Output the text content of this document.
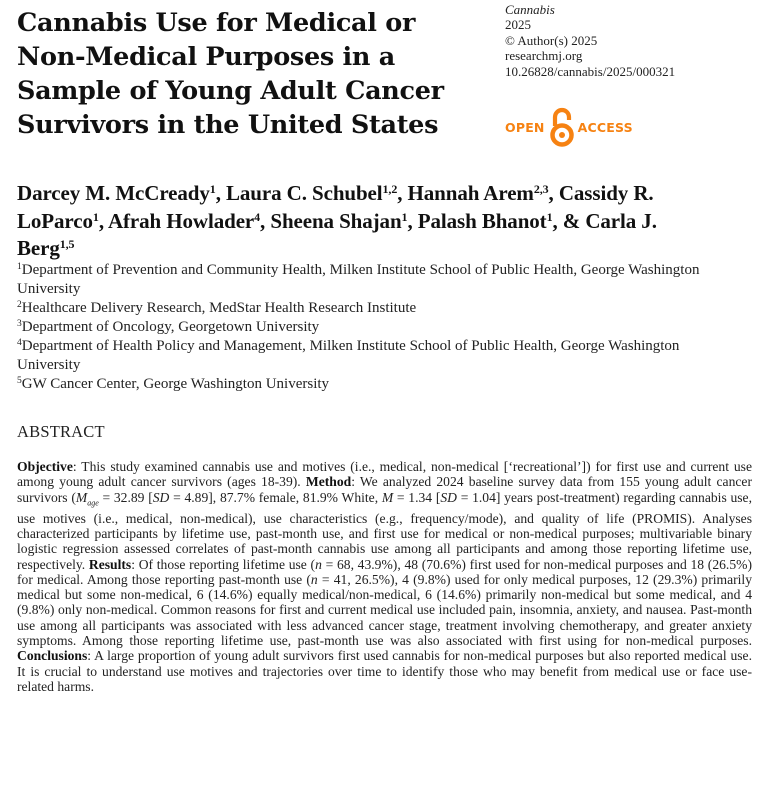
Cannabis Use for Medical or
Non-Medical Purposes in a
Sample of Young Adult Cancer
Survivors in the United States
Cannabis
2025
© Author(s) 2025
researchmj.org
10.26828/cannabis/2025/000321
OPEN	ACCESS
Darcey M. McCready$^1$, Laura C. Schubel$^{1,2}$, Hannah Arem$^{2,3}$, Cassidy R. LoParco$^1$, Afrah Howlader$^4$, Sheena Shajan$^1$, Palash Bhanot$^1$, & Carla J. Berg$^{1,5}$
$^1$Department of Prevention and Community Health, Milken Institute School of Public Health, George Washington University
$^2$Healthcare Delivery Research, MedStar Health Research Institute
$^3$Department of Oncology, Georgetown University
$^4$Department of Health Policy and Management, Milken Institute School of Public Health, George Washington University
$^5$GW Cancer Center, George Washington University
ABSTRACT
Objective: This study examined cannabis use and motives (i.e., medical, non-medical [‘recreational’]) for first use and current use among young adult cancer survivors (ages 18-39). Method: We analyzed 2024 baseline survey data from 155 young adult cancer survivors ($M_{age} = 32.89$ [SD = 4.89], 87.7% female, 81.9% White, M = 1.34 [SD = 1.04] years post-treatment) regarding cannabis use, use motives (i.e., medical, non-medical), use characteristics (e.g., frequency/mode), and quality of life (PROMIS). Analyses characterized participants by lifetime use, past-month use, and first use for medical or non-medical purposes; multivariable binary logistic regression assessed correlates of past-month cannabis use among all participants and among those reporting lifetime use, respectively. Results: Of those reporting lifetime use (n = 68, 43.9%), 48 (70.6%) first used for non-medical purposes and 18 (26.5%) for medical. Among those reporting past-month use (n = 41, 26.5%), 4 (9.8%) used for only medical purposes, 12 (29.3%) primarily medical but some non-medical, 6 (14.6%) equally medical/non-medical, 6 (14.6%) primarily non-medical but some medical, and 4 (9.8%) only non-medical. Common reasons for first and current medical use included pain, insomnia, anxiety, and nausea. Past-month use among all participants was associated with less advanced cancer stage, treatment involving chemotherapy, and greater anxiety symptoms. Among those reporting lifetime use, past-month use was also associated with first using for non-medical purposes. Conclusions: A large proportion of young adult survivors first used cannabis for non-medical purposes but also reported medical use. It is crucial to understand use motives and trajectories over time to identify those who may benefit from medical use or face use-related harms.
